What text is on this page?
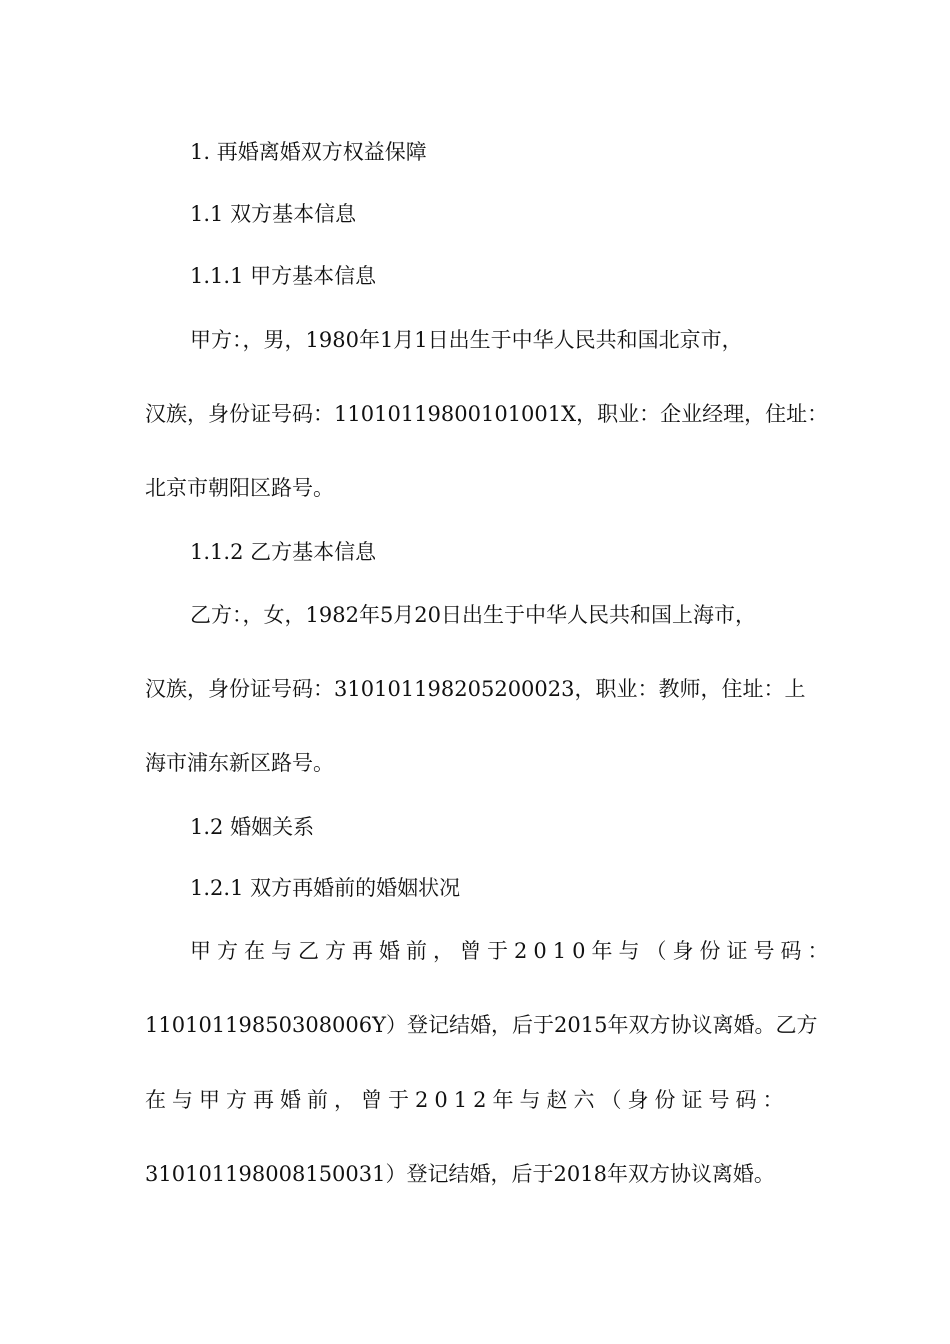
1. 再婚离婚双方权益保障
1.1 双方基本信息
1.1.1 甲方基本信息
甲方：，男，1980年1月1日出生于中华人民共和国北京市，
汉族，身份证号码：11010119800101001X，职业：企业经理，住址：
北京市朝阳区路号。
1.1.2 乙方基本信息
乙方：，女，1982年5月20日出生于中华人民共和国上海市，
汉族，身份证号码：310101198205200023，职业：教师，住址：上
海市浦东新区路号。
1.2 婚姻关系
1.2.1 双方再婚前的婚姻状况
甲方在与乙方再婚前，曾于2010年与（身份证号码：
11010119850308006Y）登记结婚，后于2015年双方协议离婚。乙方
在与甲方再婚前，曾于2012年与赵六（身份证号码：
310101198008150031）登记结婚，后于2018年双方协议离婚。
